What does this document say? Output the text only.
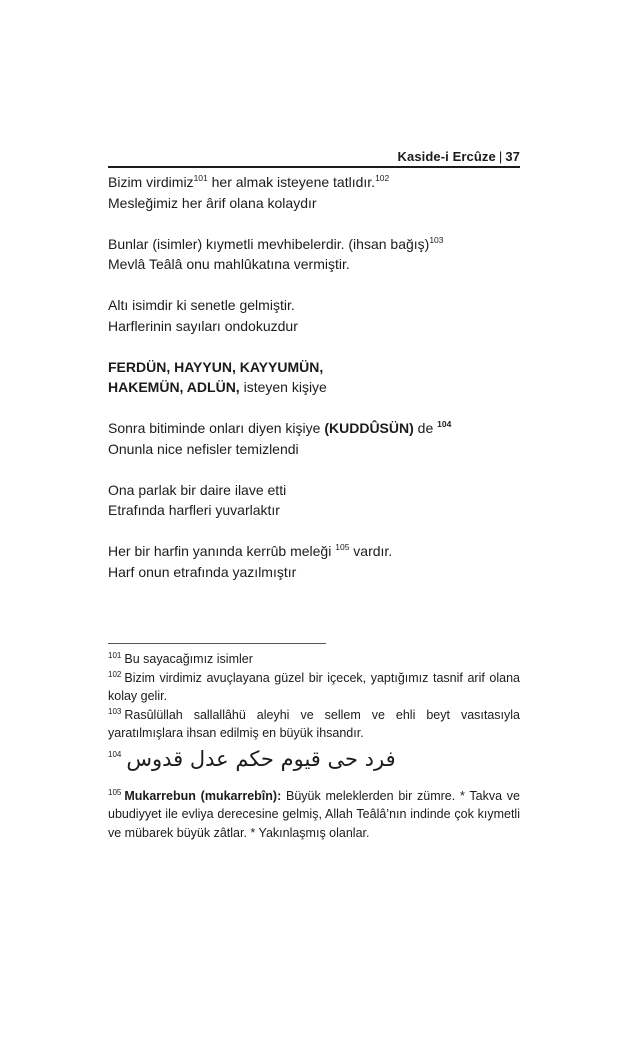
Kaside-i Ercûze | 37

Bizim virdimiz$^{101}$ her almak isteyene tatlıdır.$^{102}$
Mesleğimiz her ârif olana kolaydır

Bunlar (isimler) kıymetli mevhibelerdir. (ihsan bağış)$^{103}$
Mevlâ Teâlâ onu mahlûkatına vermiştir.

Altı isimdir ki senetle gelmiştir.
Harflerinin sayıları ondokuzdur

FERDÜN, HAYYUN, KAYYUMÜN,
HAKEMÜN, ADLÜN, isteyen kişiye

Sonra bitiminde onları diyen kişiye (KUDDÛSÜN) de $^{104}$
Onunla nice nefisler temizlendi

Ona parlak bir daire ilave etti
Etrafında harfleri yuvarlaktır

Her bir harfin yanında kerrûb meleği $^{105}$ vardır.
Harf onun etrafında yazılmıştır

$^{101}$ Bu sayacağımız isimler

$^{102}$ Bizim virdimiz avuçlayana güzel bir içecek, yaptığımız tasnif arif olana kolay gelir.

$^{103}$ Rasûlüllah sallallâhü aleyhi ve sellem ve ehli beyt vasıtasıyla yaratılmışlara ihsan edilmiş en büyük ihsandır.

$^{104}$ فرد حی قیوم حکم عدل قدوس

$^{105}$ Mukarrebun (mukarrebîn): Büyük meleklerden bir zümre. * Takva ve ubudiyyet ile evliya derecesine gelmiş, Allah Teâlâ’nın indinde çok kıymetli ve mübarek büyük zâtlar. * Yakınlaşmış olanlar.
